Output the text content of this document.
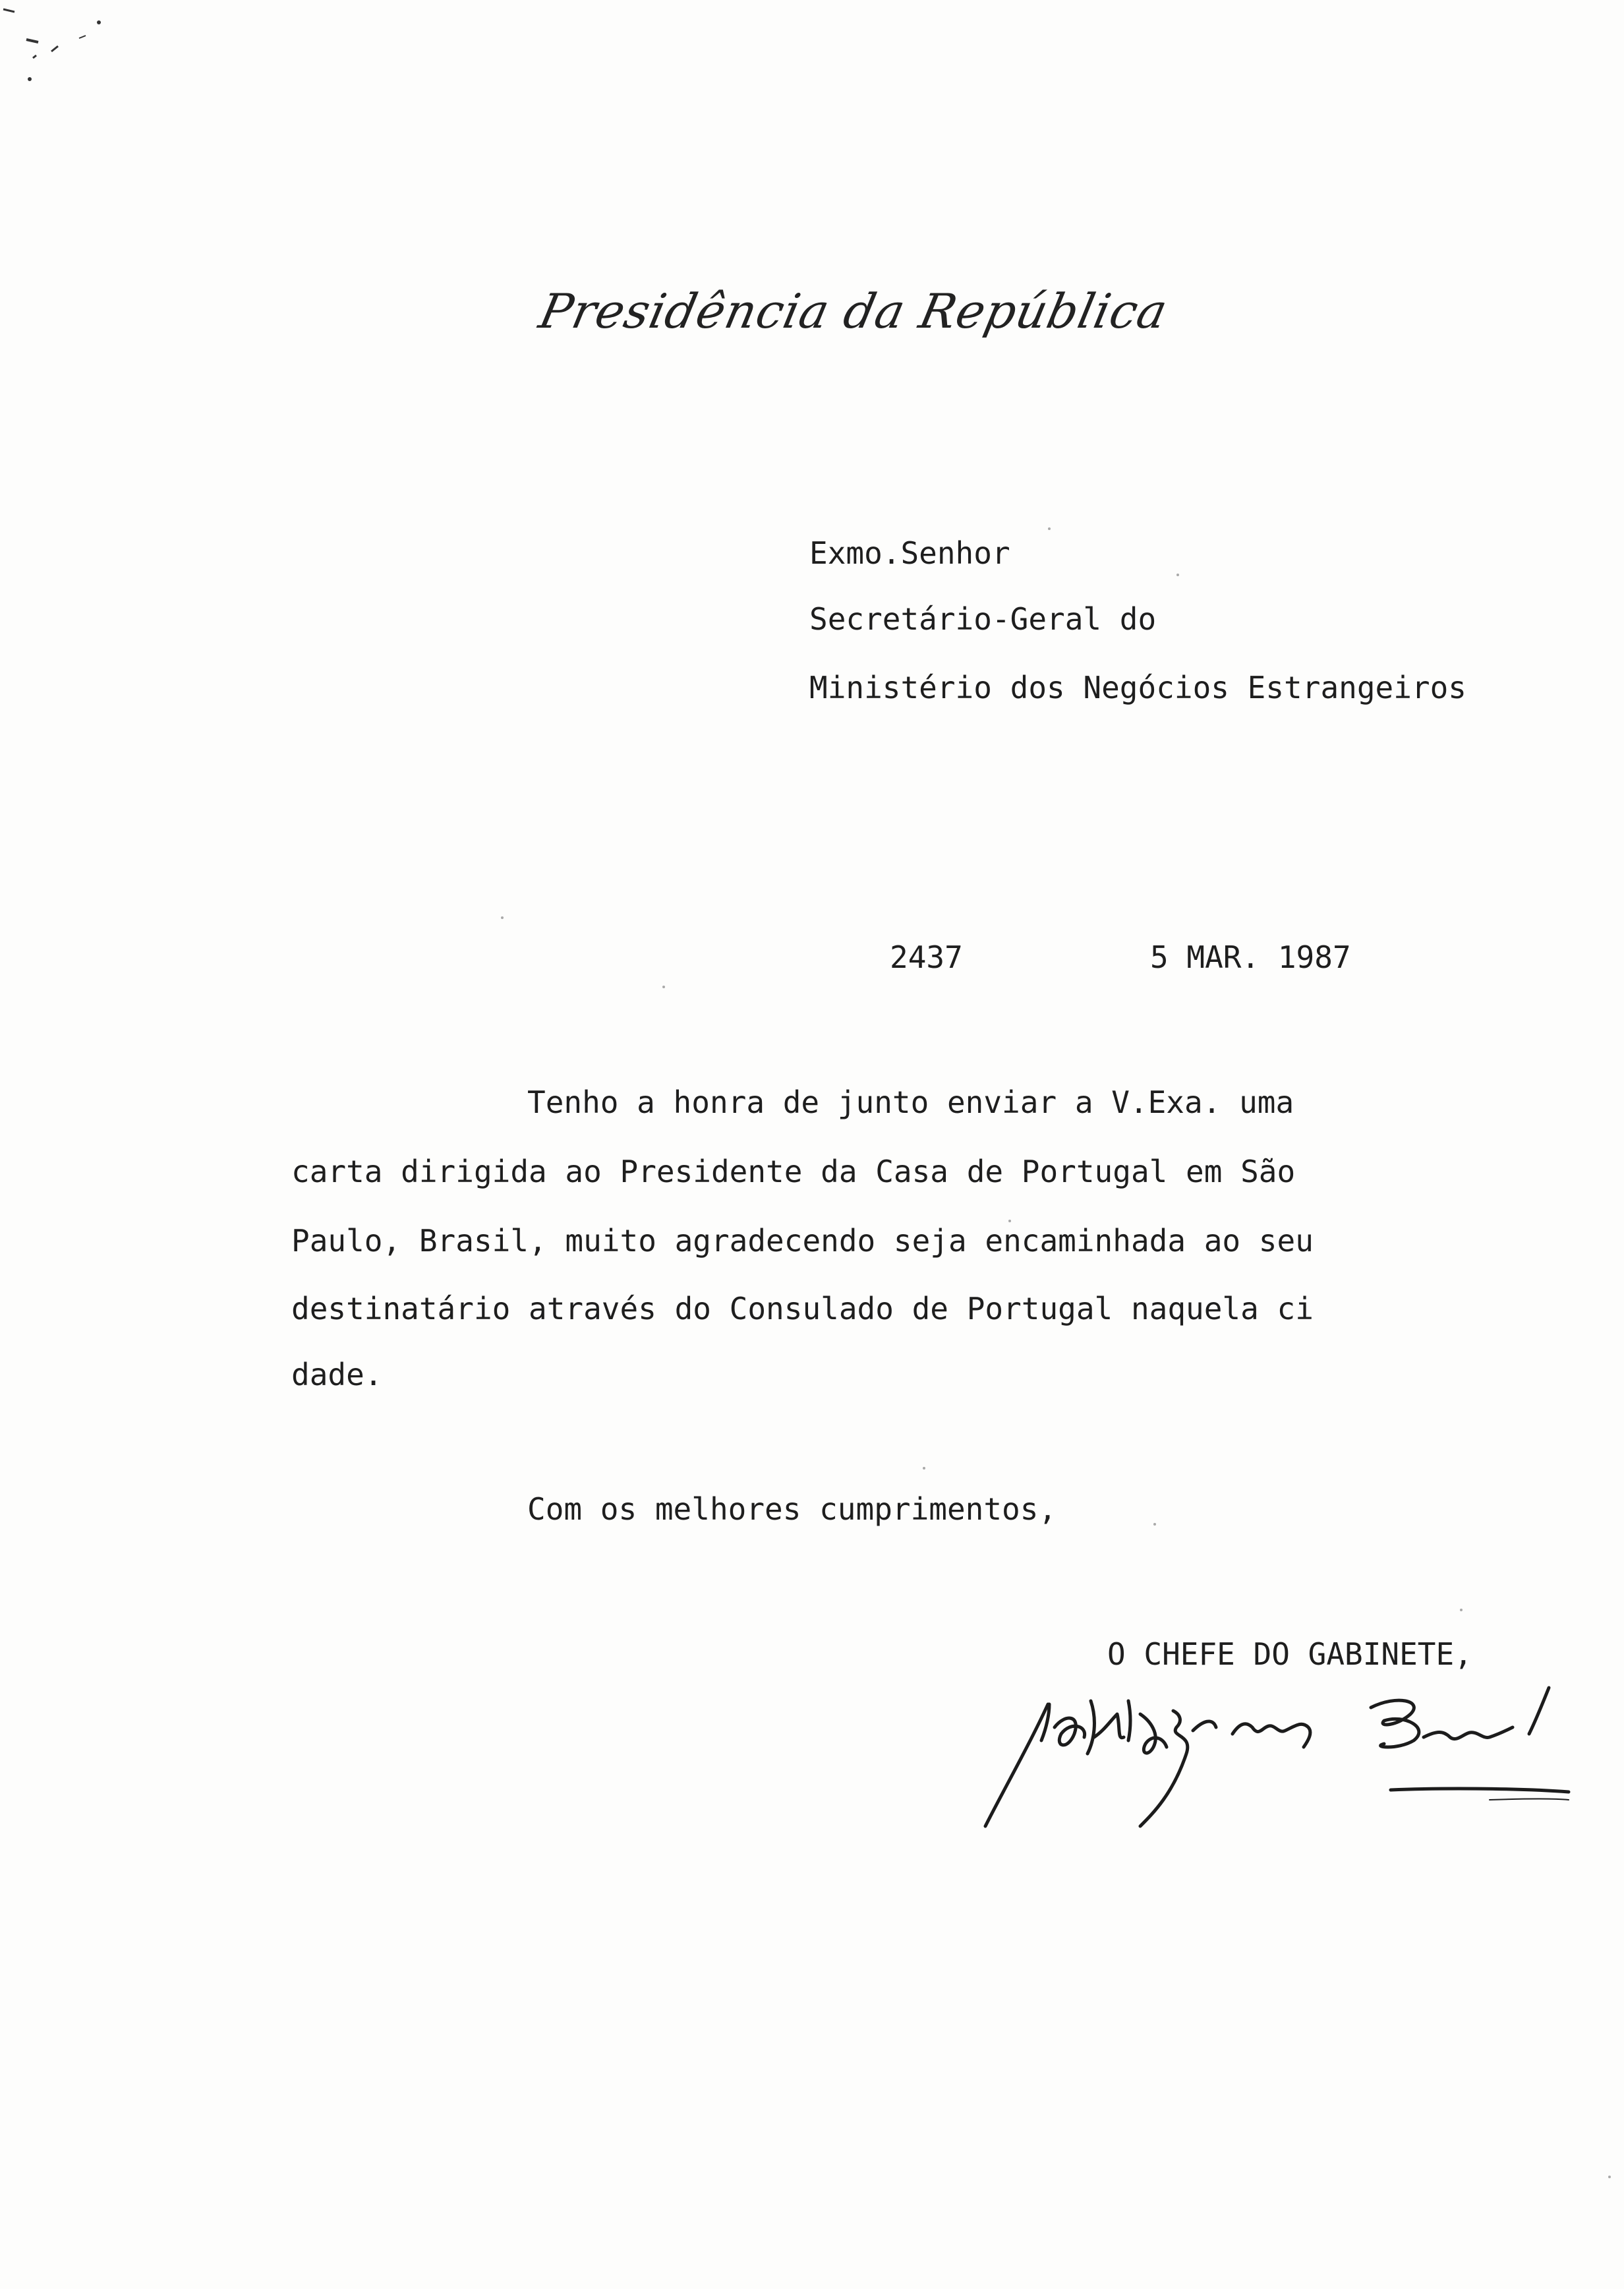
Presidência da República
Exmo.Senhor
Secretário-Geral do
Ministério dos Negócios Estrangeiros
2437	5 MAR. 1987
Tenho a honra de junto enviar a V.Exa. uma
carta dirigida ao Presidente da Casa de Portugal em São
Paulo, Brasil, muito agradecendo seja encaminhada ao seu
destinatário através do Consulado de Portugal naquela ci
dade.
Com os melhores cumprimentos,
O CHEFE DO GABINETE,
